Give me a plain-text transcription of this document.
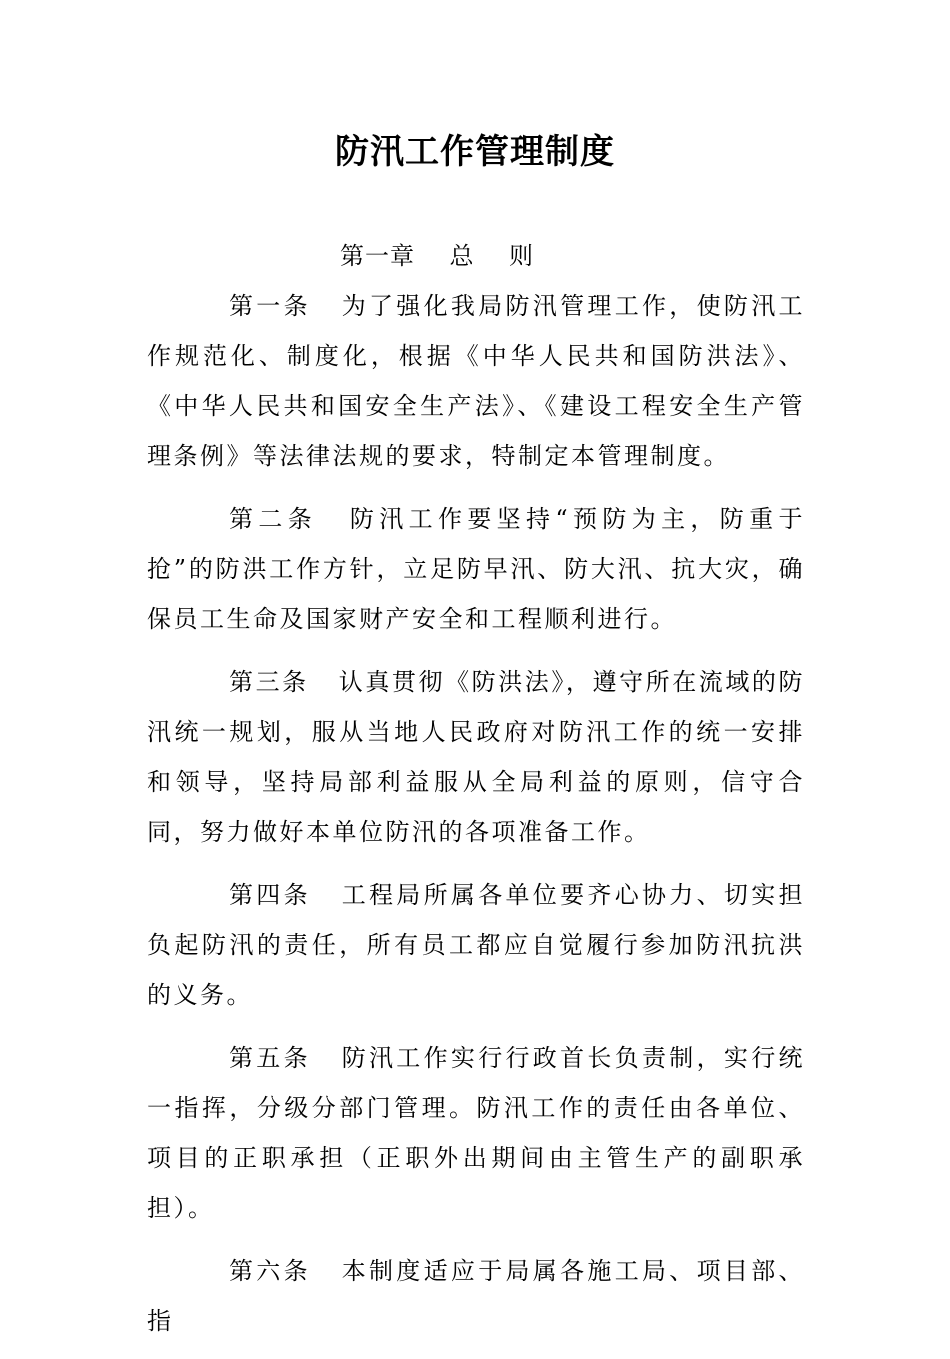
防汛工作管理制度
第一章    总    则

第一条 为了强化我局防汛管理工作，使防汛工作规范化、制度化，根据《中华人民共和国防洪法》、《中华人民共和国安全生产法》、《建设工程安全生产管理条例》等法律法规的要求，特制定本管理制度。

第二条 防汛工作要坚持“预防为主，防重于抢”的防洪工作方针，立足防早汛、防大汛、抗大灾，确保员工生命及国家财产安全和工程顺利进行。

第三条 认真贯彻《防洪法》，遵守所在流域的防汛统一规划，服从当地人民政府对防汛工作的统一安排和领导，坚持局部利益服从全局利益的原则，信守合同，努力做好本单位防汛的各项准备工作。

第四条 工程局所属各单位要齐心协力、切实担负起防汛的责任，所有员工都应自觉履行参加防汛抗洪的义务。

第五条 防汛工作实行行政首长负责制，实行统一指挥，分级分部门管理。防汛工作的责任由各单位、项目的正职承担（正职外出期间由主管生产的副职承担）。

第六条 本制度适应于局属各施工局、项目部、指
